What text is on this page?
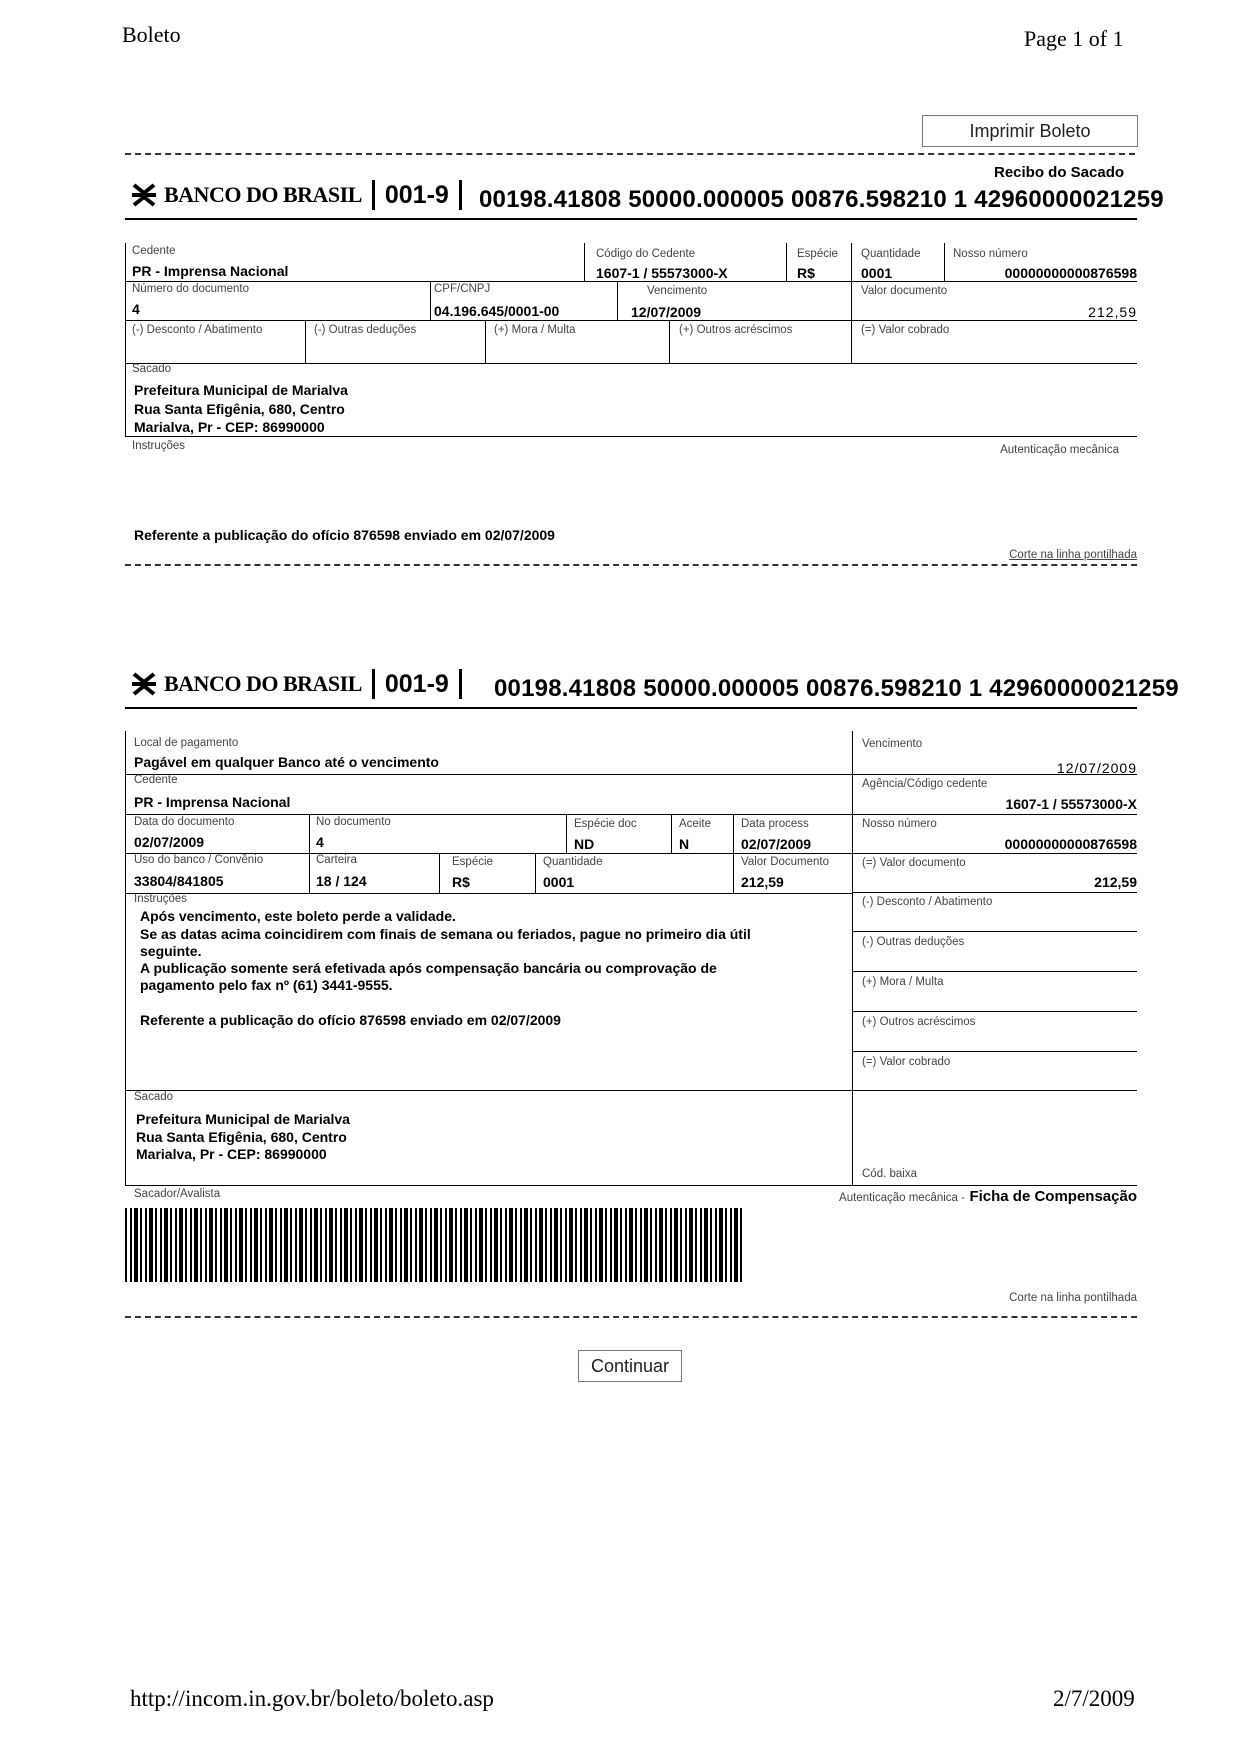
Boleto	Page 1 of 1
Imprimir Boleto
Recibo do Sacado
BANCO DO BRASIL 001-9	00198.41808 50000.000005 00876.598210 1 42960000021259
Cedente
PR - Imprensa Nacional
Código do Cedente
1607-1 / 55573000-X
Espécie
R$
Quantidade
0001
Nosso número
00000000000876598
Número do documento
4
CPF/CNPJ
04.196.645/0001-00
Vencimento
12/07/2009
Valor documento
212,59
(-) Desconto / Abatimento	(-) Outras deduções	(+) Mora / Multa	(+) Outros acréscimos	(=) Valor cobrado
Sacado
Prefeitura Municipal de Marialva
Rua Santa Efigênia, 680, Centro
Marialva, Pr - CEP: 86990000
Instruções	Autenticação mecânica
Referente a publicação do ofício 876598 enviado em 02/07/2009
Corte na linha pontilhada
BANCO DO BRASIL 001-9	00198.41808 50000.000005 00876.598210 1 42960000021259
Vencimento
12/07/2009
Agência/Código cedente
1607-1 / 55573000-X
Nosso número
00000000000876598
(=) Valor documento
212,59
(-) Desconto / Abatimento
(-) Outras deduções
(+) Mora / Multa
(+) Outros acréscimos
(=) Valor cobrado
Local de pagamento
Pagável em qualquer Banco até o vencimento
Cedente
PR - Imprensa Nacional
Data do documento
02/07/2009
No documento
4
Espécie doc
ND
Aceite
N
Data process
02/07/2009
Uso do banco / Convênio
33804/841805
Carteira
18 / 124
Espécie
R$
Quantidade
0001
Valor Documento
212,59
Instruções
Após vencimento, este boleto perde a validade.
Se as datas acima coincidirem com finais de semana ou feriados, pague no primeiro dia útil
seguinte.
A publicação somente será efetivada após compensação bancária ou comprovação de
pagamento pelo fax nº (61) 3441-9555.
Referente a publicação do ofício 876598 enviado em 02/07/2009
Sacado
Prefeitura Municipal de Marialva
Rua Santa Efigênia, 680, Centro
Marialva, Pr - CEP: 86990000
Cód. baixa
Sacador/Avalista	Autenticação mecânica - Ficha de Compensação
Corte na linha pontilhada
Continuar
http://incom.in.gov.br/boleto/boleto.asp	2/7/2009
